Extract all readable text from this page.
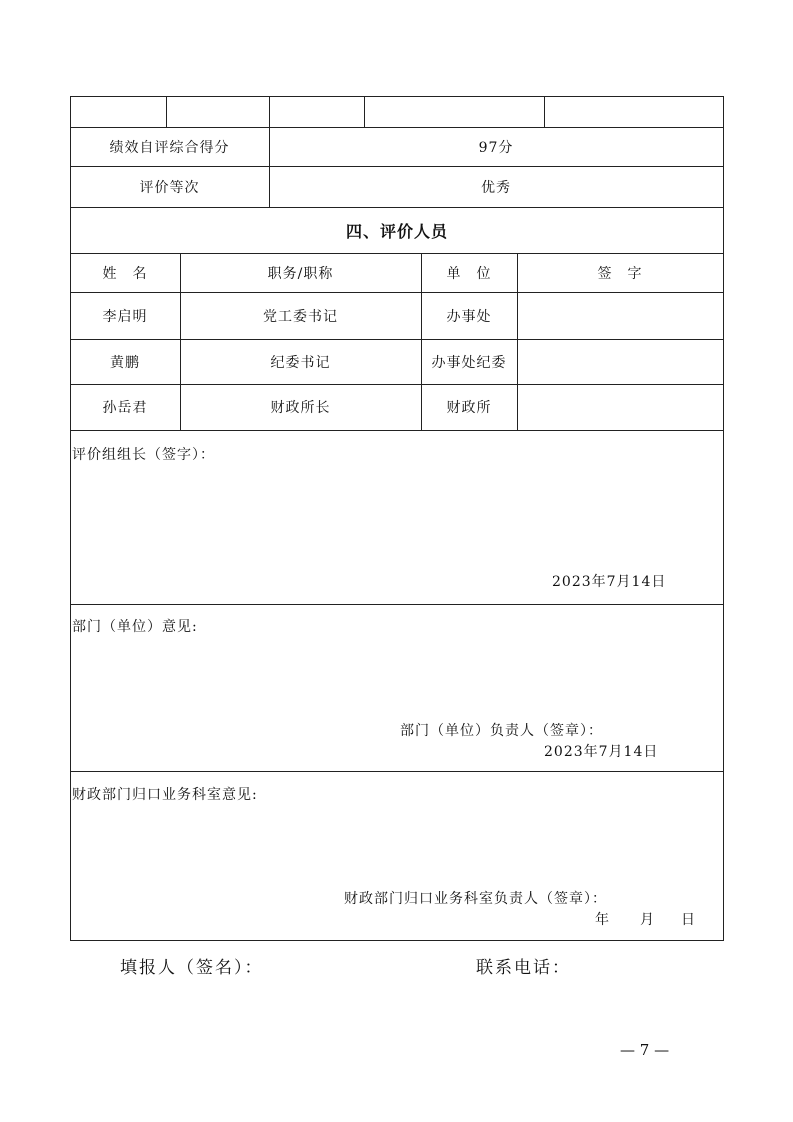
绩效自评综合得分	97分
评价等次	优秀
四、评价人员
姓　名	职务/职称	单　位	签　字
李启明	党工委书记	办事处
黄鹏	纪委书记	办事处纪委
孙岳君	财政所长	财政所
评价组组长（签字）：
2023年7月14日
部门（单位）意见:
部门（单位）负责人（签章）：
2023年7月14日
财政部门归口业务科室意见:
财政部门归口业务科室负责人（签章）：
年 月 日
填报人（签名）：	联系电话：
— 7 —
